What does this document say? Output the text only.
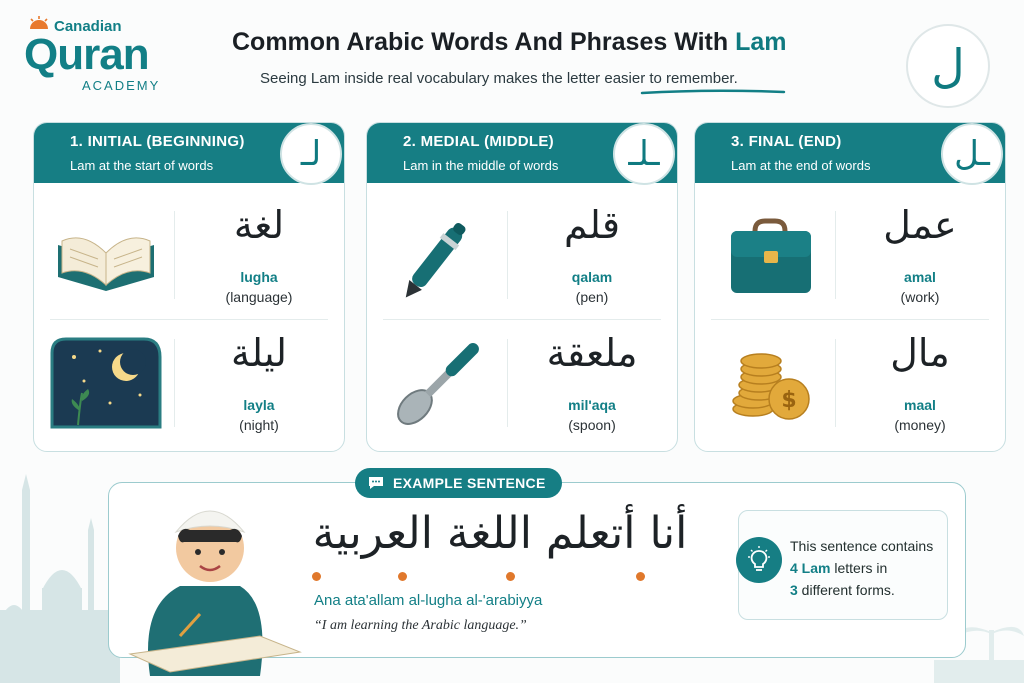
Canadian
Quran
ACADEMY
Common Arabic Words And Phrases With Lam
Seeing Lam inside real vocabulary makes the letter easier to remember.	ل
1. INITIAL (BEGINNING)
Lam at the start of words	لـ
لغة
lugha
(language)
ليلة
layla
(night)
2. MEDIAL (MIDDLE)
Lam in the middle of words	ـلـ
قلم
qalam
(pen)
ملعقة
mil'aqa
(spoon)
3. FINAL (END)
Lam at the end of words	ـل
عمل
amal
(work)
$
مال
maal
(money)
EXAMPLE SENTENCE
أنا أتعلم اللغة العربية
Ana ata'allam al-lugha al-'arabiyya
“I am learning the Arabic language.”
This sentence contains
4 Lam letters in
3 different forms.
